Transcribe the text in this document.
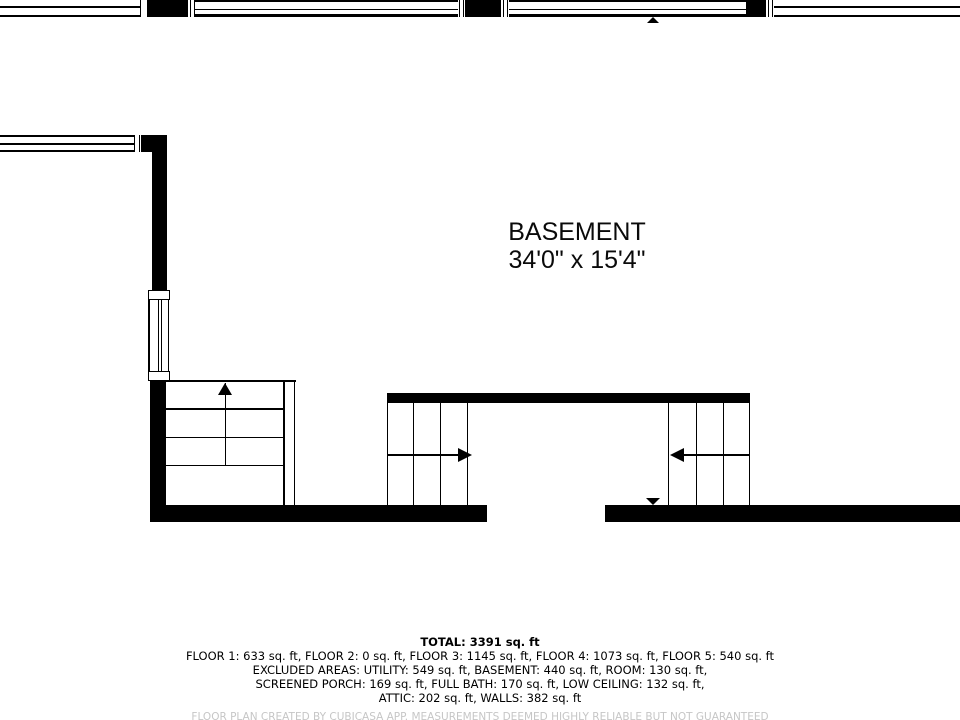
BASEMENT
34'0" x 15'4"
TOTAL: 3391 sq. ft
FLOOR 1: 633 sq. ft, FLOOR 2: 0 sq. ft, FLOOR 3: 1145 sq. ft, FLOOR 4: 1073 sq. ft, FLOOR 5: 540 sq. ft
EXCLUDED AREAS: UTILITY: 549 sq. ft, BASEMENT: 440 sq. ft, ROOM: 130 sq. ft,
SCREENED PORCH: 169 sq. ft, FULL BATH: 170 sq. ft, LOW CEILING: 132 sq. ft,
ATTIC: 202 sq. ft, WALLS: 382 sq. ft
FLOOR PLAN CREATED BY CUBICASA APP. MEASUREMENTS DEEMED HIGHLY RELIABLE BUT NOT GUARANTEED
